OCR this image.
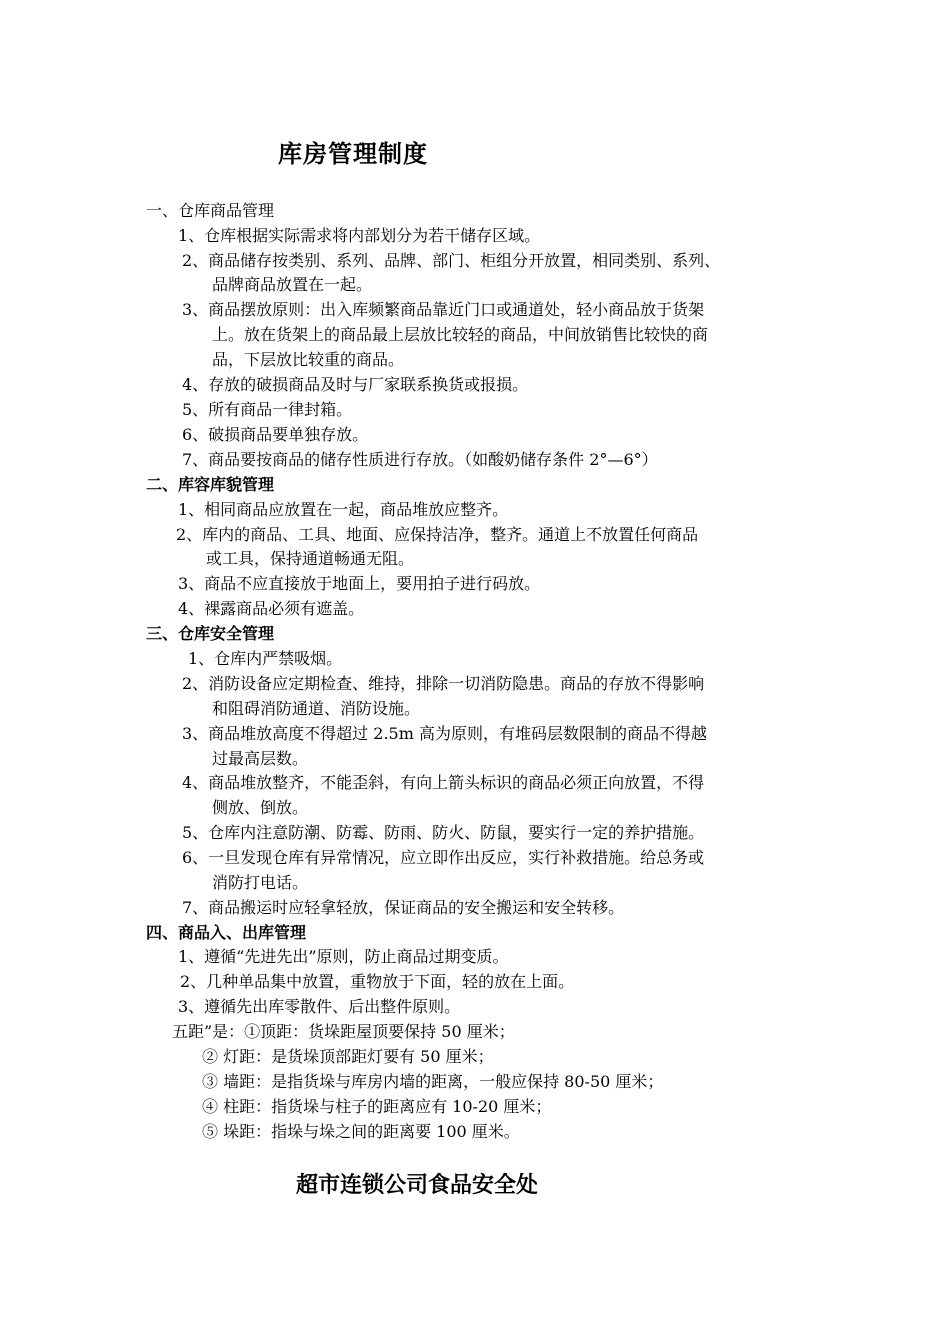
库房管理制度
一、仓库商品管理
1、仓库根据实际需求将内部划分为若干储存区域。
2、商品储存按类别、系列、品牌、部门、柜组分开放置，相同类别、系列、
品牌商品放置在一起。
3、商品摆放原则：出入库频繁商品靠近门口或通道处，轻小商品放于货架
上。放在货架上的商品最上层放比较轻的商品，中间放销售比较快的商
品，下层放比较重的商品。
4、存放的破损商品及时与厂家联系换货或报损。
5、所有商品一律封箱。
6、破损商品要单独存放。
7、商品要按商品的储存性质进行存放。（如酸奶储存条件 2°—6°）
二、库容库貌管理
1、相同商品应放置在一起，商品堆放应整齐。
2、库内的商品、工具、地面、应保持洁净，整齐。通道上不放置任何商品
或工具，保持通道畅通无阻。
3、商品不应直接放于地面上，要用拍子进行码放。
4、裸露商品必须有遮盖。
三、仓库安全管理
1、仓库内严禁吸烟。
2、消防设备应定期检查、维持，排除一切消防隐患。商品的存放不得影响
和阻碍消防通道、消防设施。
3、商品堆放高度不得超过 2.5m 高为原则，有堆码层数限制的商品不得越
过最高层数。
4、商品堆放整齐，不能歪斜，有向上箭头标识的商品必须正向放置，不得
侧放、倒放。
5、仓库内注意防潮、防霉、防雨、防火、防鼠，要实行一定的养护措施。
6、一旦发现仓库有异常情况，应立即作出反应，实行补救措施。给总务或
消防打电话。
7、商品搬运时应轻拿轻放，保证商品的安全搬运和安全转移。
四、商品入、出库管理
1、遵循“先进先出”原则，防止商品过期变质。
2、几种单品集中放置，重物放于下面，轻的放在上面。
3、遵循先出库零散件、后出整件原则。
五距”是：①顶距：货垛距屋顶要保持 50 厘米；
② 灯距：是货垛顶部距灯要有 50 厘米；
③ 墙距：是指货垛与库房内墙的距离，一般应保持 80-50 厘米；
④ 柱距：指货垛与柱子的距离应有 10-20 厘米；
⑤ 垛距：指垛与垛之间的距离要 100 厘米。
超市连锁公司食品安全处
